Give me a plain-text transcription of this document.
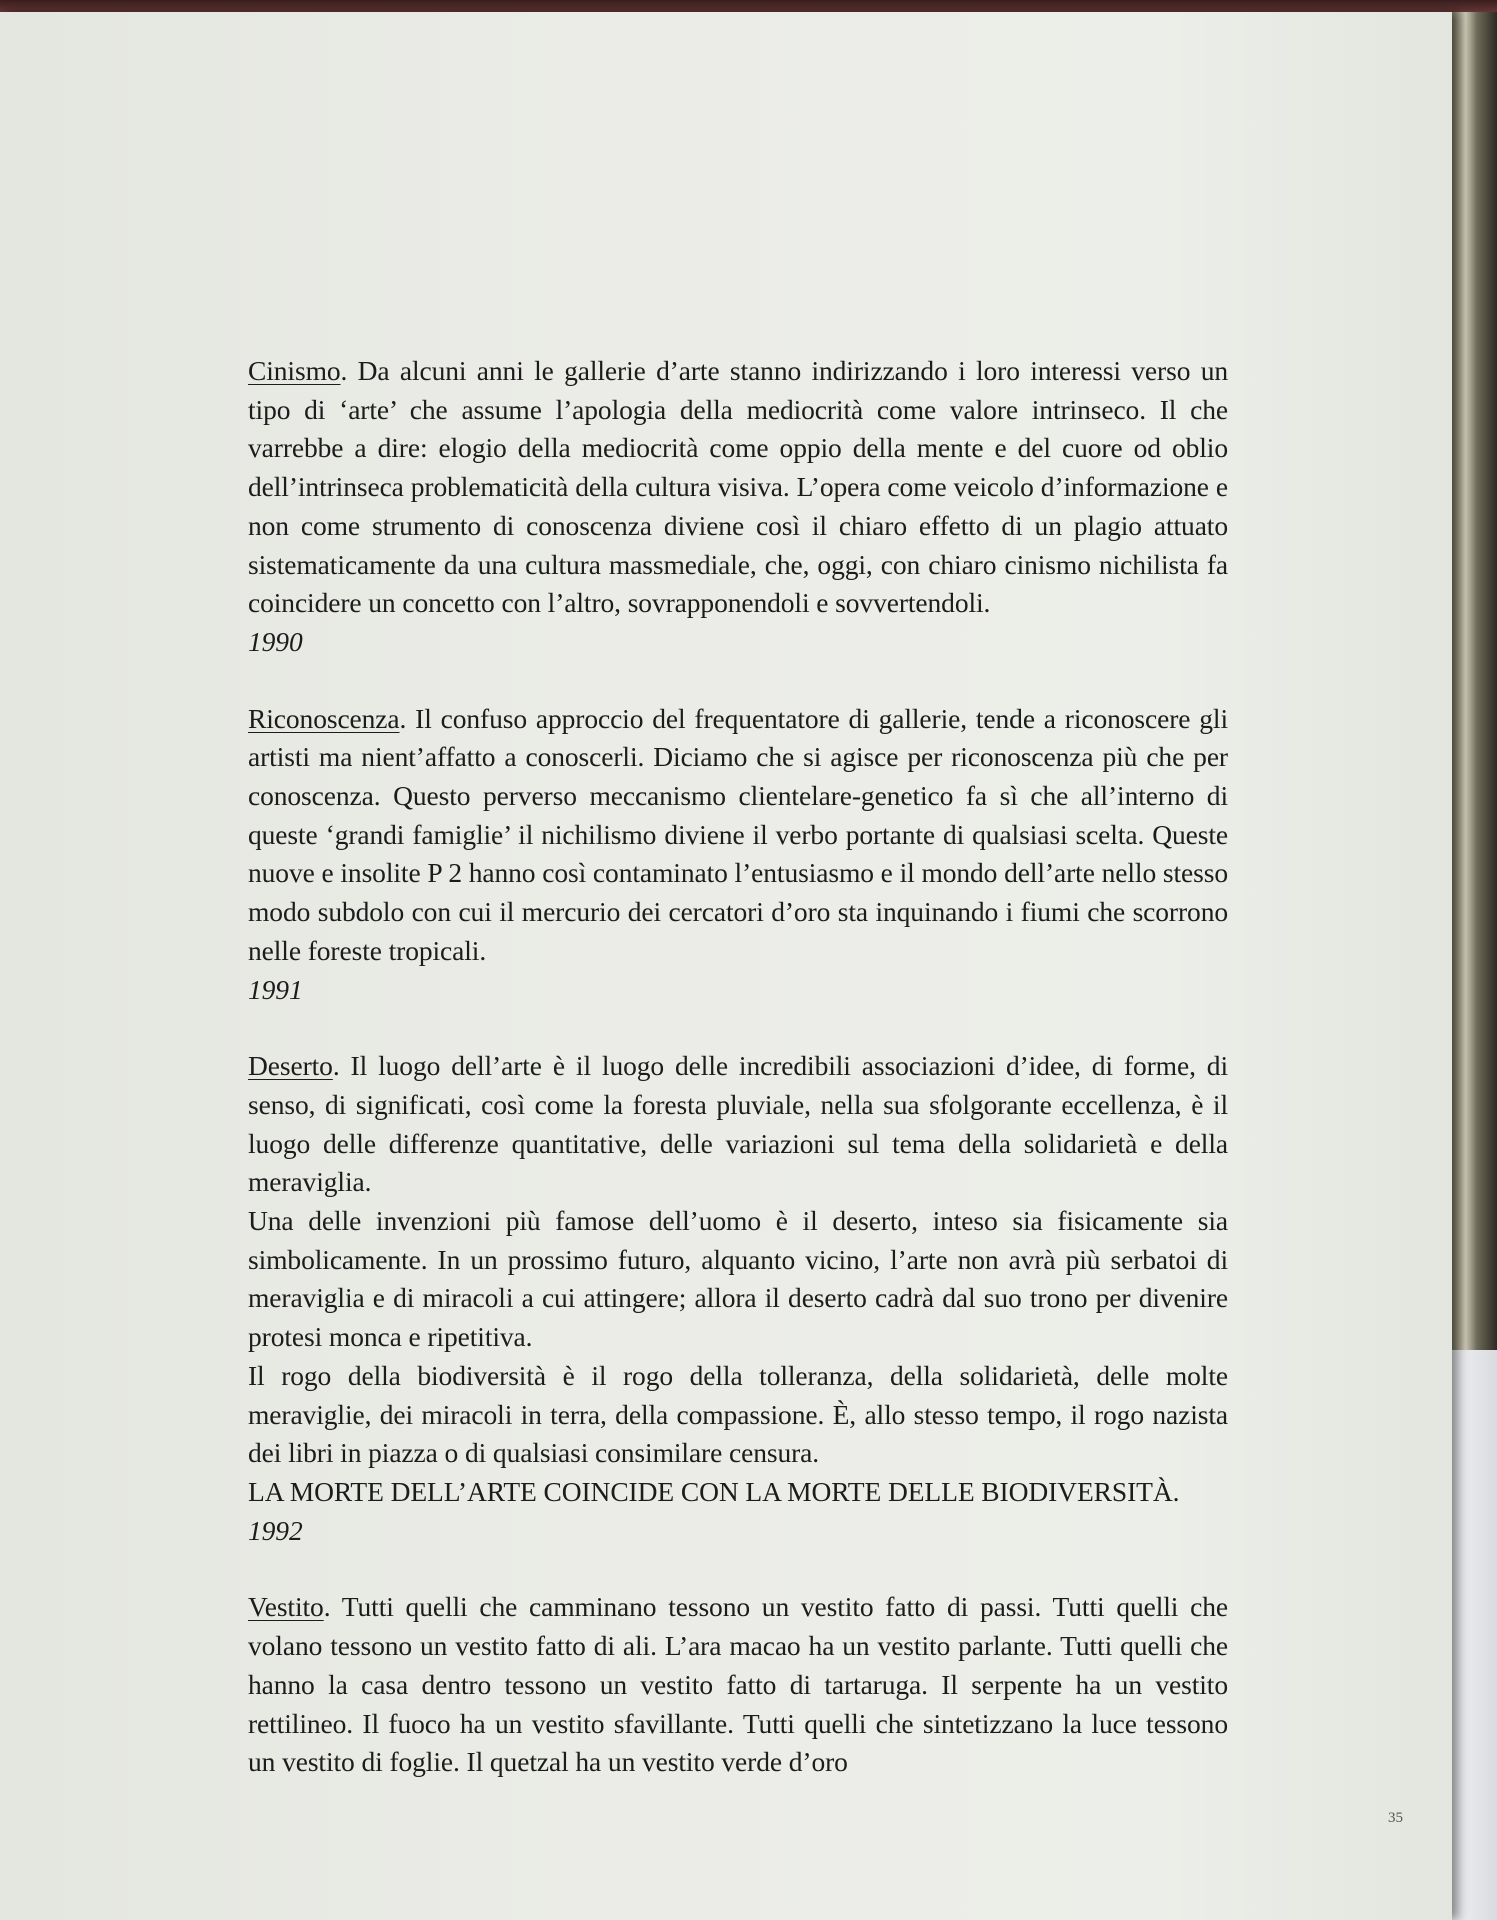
Cinismo. Da alcuni anni le gallerie d’arte stanno indirizzando i loro interessi verso un tipo di ‘arte’ che assume l’apologia della mediocrità come valore intrinseco. Il che varrebbe a dire: elogio della mediocrità come oppio della mente e del cuore od oblio dell’intrinseca problematicità della cultura visiva. L’opera come veicolo d’informazione e non come strumento di conoscenza diviene così il chiaro effetto di un plagio attuato sistematicamente da una cultura massmediale, che, oggi, con chiaro cinismo nichilista fa coincidere un concetto con l’altro, sovrapponendoli e sovvertendoli.

1990

Riconoscenza. Il confuso approccio del frequentatore di gallerie, tende a riconoscere gli artisti ma nient’affatto a conoscerli. Diciamo che si agisce per riconoscenza più che per conoscenza. Questo perverso meccanismo clientelare-genetico fa sì che all’interno di queste ‘grandi famiglie’ il nichilismo diviene il verbo portante di qualsiasi scelta. Queste nuove e insolite P 2 hanno così contaminato l’entusiasmo e il mondo dell’arte nello stesso modo subdolo con cui il mercurio dei cercatori d’oro sta inquinando i fiumi che scorrono nelle foreste tropicali.

1991

Deserto. Il luogo dell’arte è il luogo delle incredibili associazioni d’idee, di forme, di senso, di significati, così come la foresta pluviale, nella sua sfolgorante eccellenza, è il luogo delle differenze quantitative, delle variazioni sul tema della solidarietà e della meraviglia.

Una delle invenzioni più famose dell’uomo è il deserto, inteso sia fisicamente sia simbolicamente. In un prossimo futuro, alquanto vicino, l’arte non avrà più serbatoi di meraviglia e di miracoli a cui attingere; allora il deserto cadrà dal suo trono per divenire protesi monca e ripetitiva.

Il rogo della biodiversità è il rogo della tolleranza, della solidarietà, delle molte meraviglie, dei miracoli in terra, della compassione. È, allo stesso tempo, il rogo nazista dei libri in piazza o di qualsiasi consimilare censura.

LA MORTE DELL’ARTE COINCIDE CON LA MORTE DELLE BIODIVERSITÀ.

1992

Vestito. Tutti quelli che camminano tessono un vestito fatto di passi. Tutti quelli che volano tessono un vestito fatto di ali. L’ara macao ha un vestito parlante. Tutti quelli che hanno la casa dentro tessono un vestito fatto di tartaruga. Il serpente ha un vestito rettilineo. Il fuoco ha un vestito sfavillante. Tutti quelli che sintetizzano la luce tessono un vestito di foglie. Il quetzal ha un vestito verde d’oro

35
